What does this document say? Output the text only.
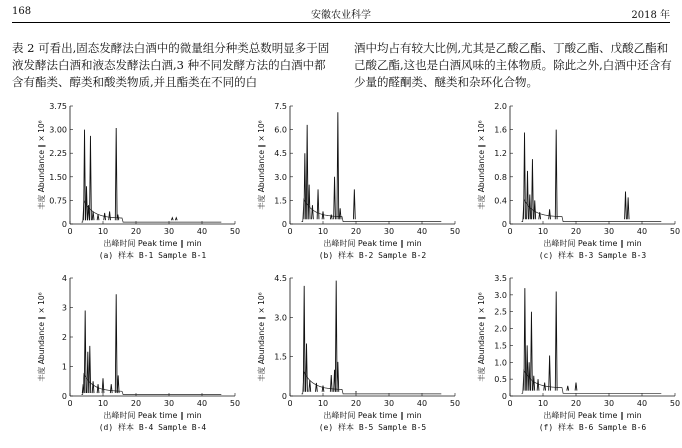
168	安徽农业科学	2018 年

表 2 可看出,固态发酵法白酒中的微量组分种类总数明显多于固液发酵法白酒和液态发酵法白酒,3 种不同发酵方法的白酒中都含有酯类、醇类和酸类物质,并且酯类在不同的白

酒中均占有较大比例,尤其是乙酸乙酯、丁酸乙酯、戊酸乙酯和己酸乙酯,这也是白酒风味的主体物质。除此之外,白酒中还含有少量的醛酮类、醚类和杂环化合物。

0
0.75
1.50
2.25
3.00
3.75
0	10	20	30	40	50
丰度 Abundance ∥ × 10⁶
出峰时间 Peak time ∥ min
(a) 样本 B-1 Sample B-1
0
1.5
3.0
4.5
6.0
7.5
0	10	20	30	40	50
丰度 Abundance ∥ × 10⁶
出峰时间 Peak time ∥ min
(b) 样本 B-2 Sample B-2
0
0.4
0.8
1.2
1.6
2.0
0	10	20	30	40	50
丰度 Abundance ∥ × 10⁶
出峰时间 Peak time ∥ min
(c) 样本 B-3 Sample B-3
0
1
2
3
4
0	10	20	30	40	50
丰度 Abundance ∥ × 10⁶
出峰时间 Peak time ∥ min
(d) 样本 B-4 Sample B-4
0
1.5
3.0
4.5
0	10	20	30	40	50
丰度 Abundance ∥ × 10⁶
出峰时间 Peak time ∥ min
(e) 样本 B-5 Sample B-5
0
0.5
1.0
1.5
2.0
2.5
3.0
3.5
0	10	20	30	40	50
丰度 Abundance ∥ × 10⁶
出峰时间 Peak time ∥ min
(f) 样本 B-6 Sample B-6
